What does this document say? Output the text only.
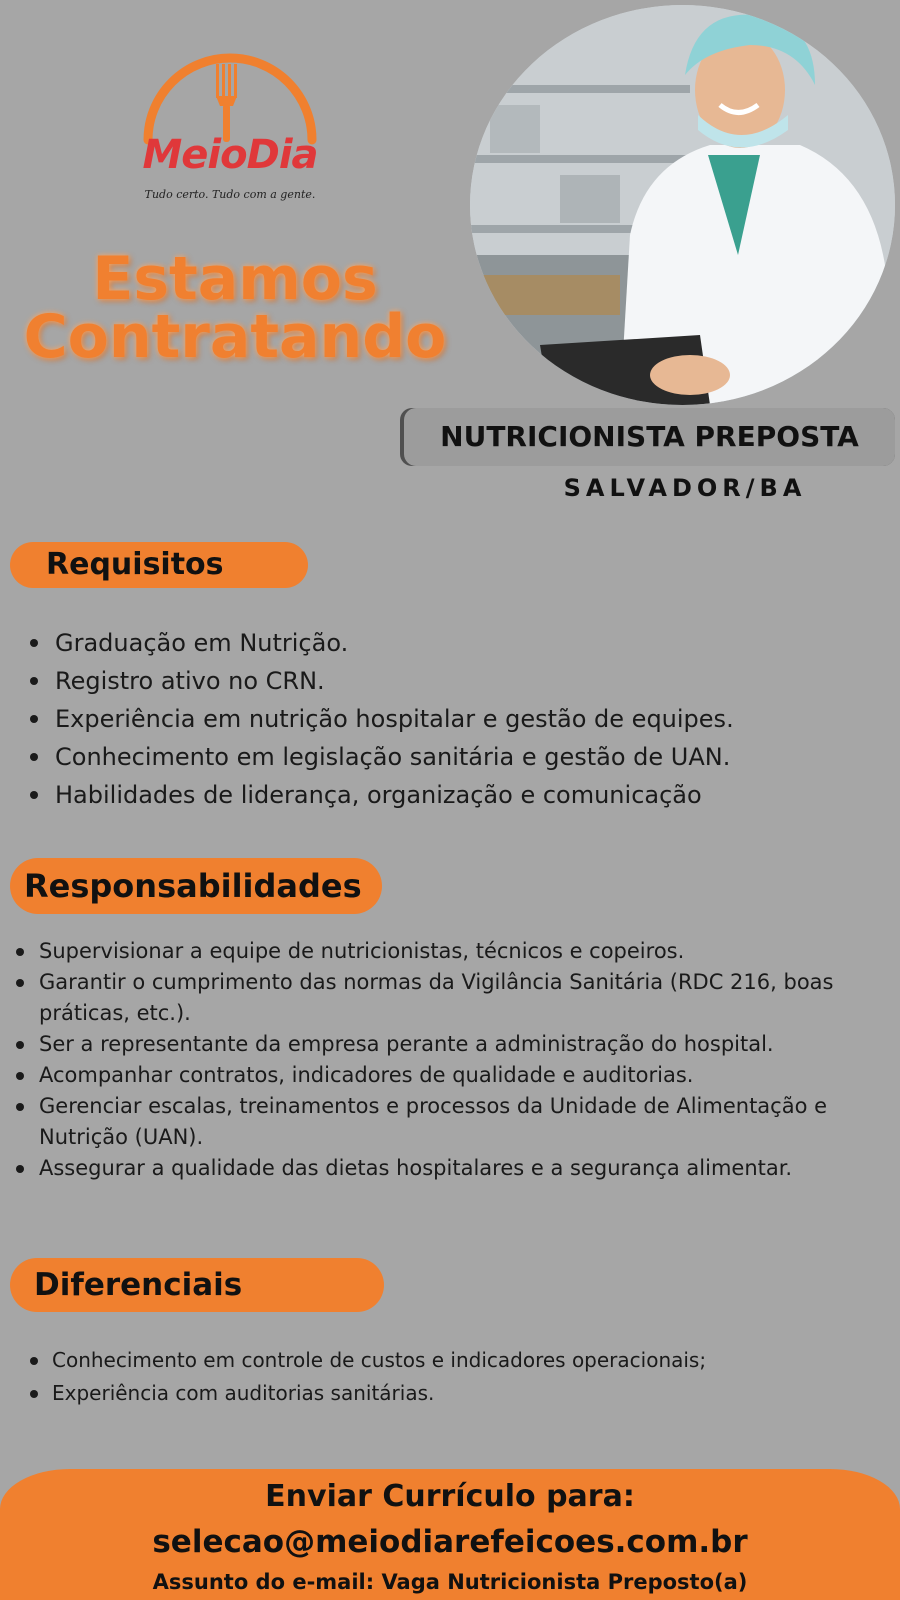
MeioDia
Tudo certo. Tudo com a gente.
Estamos
Contratando
NUTRICIONISTA PREPOSTA
SALVADOR/BA
Requisitos
Graduação em Nutrição.
Registro ativo no CRN.
Experiência em nutrição hospitalar e gestão de equipes.
Conhecimento em legislação sanitária e gestão de UAN.
Habilidades de liderança, organização e comunicação
Responsabilidades
Supervisionar a equipe de nutricionistas, técnicos e copeiros.
Garantir o cumprimento das normas da Vigilância Sanitária (RDC 216, boas práticas, etc.).
Ser a representante da empresa perante a administração do hospital.
Acompanhar contratos, indicadores de qualidade e auditorias.
Gerenciar escalas, treinamentos e processos da Unidade de Alimentação e Nutrição (UAN).
Assegurar a qualidade das dietas hospitalares e a segurança alimentar.
Diferenciais
Conhecimento em controle de custos e indicadores operacionais;
Experiência com auditorias sanitárias.
Enviar Currículo para:
selecao@meiodiarefeicoes.com.br
Assunto do e-mail: Vaga Nutricionista Preposto(a)
